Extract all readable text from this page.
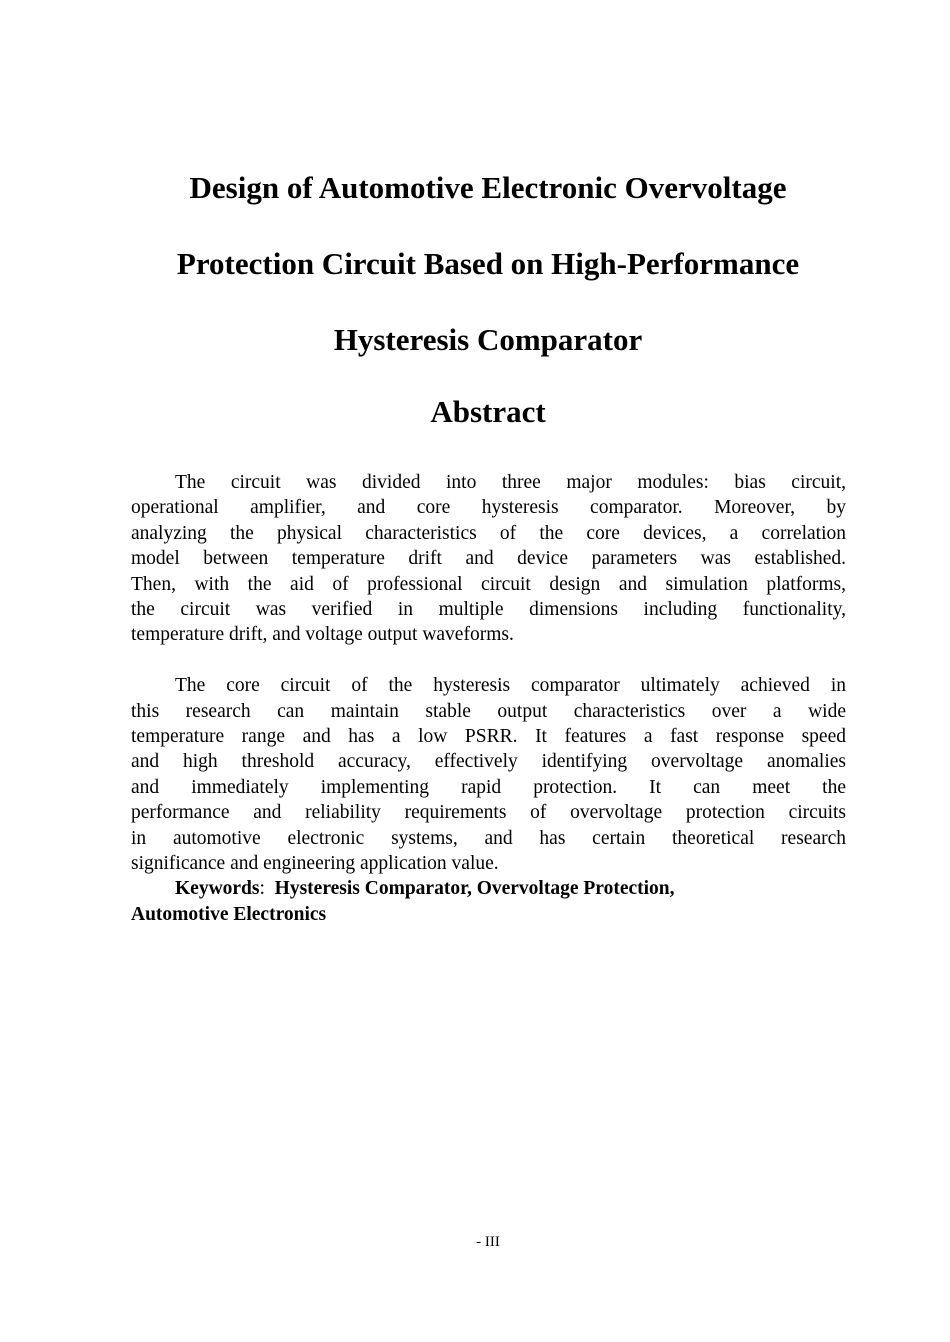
Design of Automotive Electronic Overvoltage
Protection Circuit Based on High-Performance
Hysteresis Comparator
Abstract
The circuit was divided into three major modules: bias circuit,
operational amplifier, and core hysteresis comparator. Moreover, by
analyzing the physical characteristics of the core devices, a correlation
model between temperature drift and device parameters was established.
Then, with the aid of professional circuit design and simulation platforms,
the circuit was verified in multiple dimensions including functionality,
temperature drift, and voltage output waveforms.
The core circuit of the hysteresis comparator ultimately achieved in
this research can maintain stable output characteristics over a wide
temperature range and has a low PSRR. It features a fast response speed
and high threshold accuracy, effectively identifying overvoltage anomalies
and immediately implementing rapid protection. It can meet the
performance and reliability requirements of overvoltage protection circuits
in automotive electronic systems, and has certain theoretical research
significance and engineering application value.
Keywords: Hysteresis Comparator, Overvoltage Protection,
Automotive Electronics
- III
